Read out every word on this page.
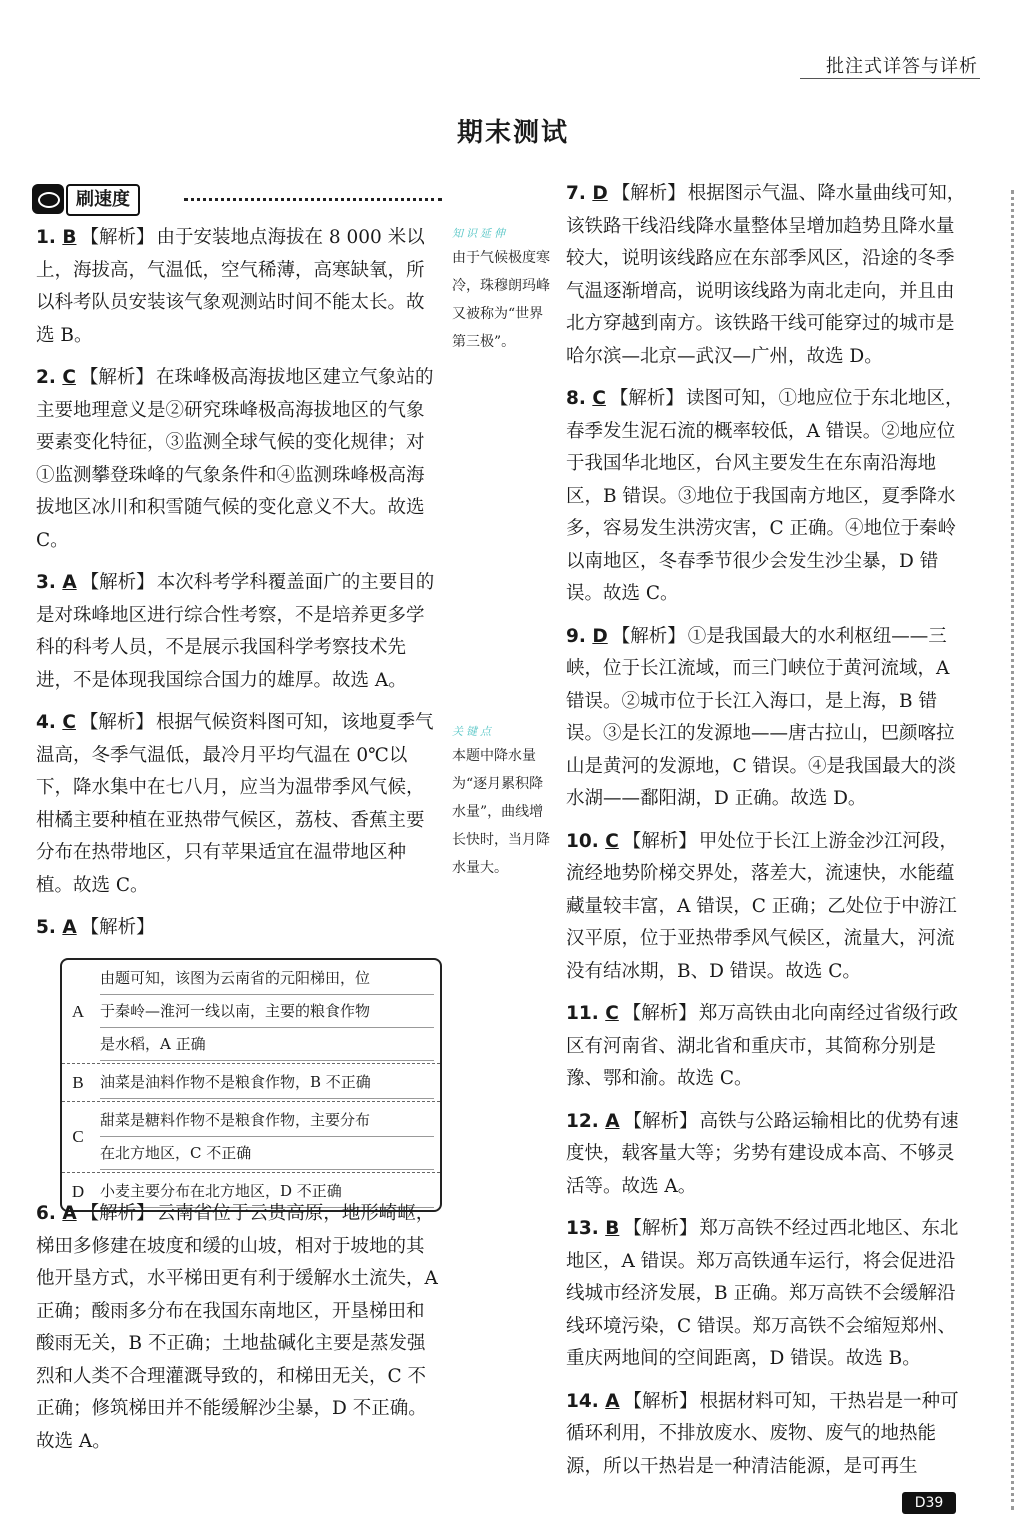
批注式详答与详析
期末测试
刷速度

1. B 【解析】 由于安装地点海拔在 8 000 米以上，海拔高，气温低，空气稀薄，高寒缺氧，所以科考队员安装该气象观测站时间不能太长。故选 B。

2. C 【解析】 在珠峰极高海拔地区建立气象站的主要地理意义是②研究珠峰极高海拔地区的气象要素变化特征，③监测全球气候的变化规律；对①监测攀登珠峰的气象条件和④监测珠峰极高海拔地区冰川和积雪随气候的变化意义不大。故选 C。

3. A 【解析】 本次科考学科覆盖面广的主要目的是对珠峰地区进行综合性考察，不是培养更多学科的科考人员，不是展示我国科学考察技术先进，不是体现我国综合国力的雄厚。故选 A。

4. C 【解析】 根据气候资料图可知，该地夏季气温高，冬季气温低，最冷月平均气温在 0℃以下，降水集中在七八月，应当为温带季风气候，柑橘主要种植在亚热带气候区，荔枝、香蕉主要分布在热带地区，只有苹果适宜在温带地区种植。故选 C。

5. A 【解析】

A
由题可知，该图为云南省的元阳梯田，位
于秦岭—淮河一线以南，主要的粮食作物
是水稻，A 正确
B	油菜是油料作物不是粮食作物，B 不正确
C
甜菜是糖料作物不是粮食作物，主要分布
在北方地区，C 不正确
D	小麦主要分布在北方地区，D 不正确

6. A 【解析】 云南省位于云贵高原，地形崎岖，梯田多修建在坡度和缓的山坡，相对于坡地的其他开垦方式，水平梯田更有利于缓解水土流失，A 正确；酸雨多分布在我国东南地区，开垦梯田和酸雨无关，B 不正确；土地盐碱化主要是蒸发强烈和人类不合理灌溉导致的，和梯田无关，C 不正确；修筑梯田并不能缓解沙尘暴，D 不正确。故选 A。

知识延伸
由于气候极度寒冷，珠穆朗玛峰又被称为“世界第三极”。
关键点
本题中降水量为“逐月累积降水量”，曲线增长快时，当月降水量大。

7. D 【解析】 根据图示气温、降水量曲线可知，该铁路干线沿线降水量整体呈增加趋势且降水量较大，说明该线路应在东部季风区，沿途的冬季气温逐渐增高，说明该线路为南北走向，并且由北方穿越到南方。该铁路干线可能穿过的城市是哈尔滨—北京—武汉—广州，故选 D。

8. C 【解析】 读图可知，①地应位于东北地区，春季发生泥石流的概率较低，A 错误。②地应位于我国华北地区，台风主要发生在东南沿海地区，B 错误。③地位于我国南方地区，夏季降水多，容易发生洪涝灾害，C 正确。④地位于秦岭以南地区，冬春季节很少会发生沙尘暴，D 错误。故选 C。

9. D 【解析】 ①是我国最大的水利枢纽——三峡，位于长江流域，而三门峡位于黄河流域，A 错误。②城市位于长江入海口，是上海，B 错误。③是长江的发源地——唐古拉山，巴颜喀拉山是黄河的发源地，C 错误。④是我国最大的淡水湖——鄱阳湖，D 正确。故选 D。

10. C 【解析】 甲处位于长江上游金沙江河段，流经地势阶梯交界处，落差大，流速快，水能蕴藏量较丰富，A 错误，C 正确；乙处位于中游江汉平原，位于亚热带季风气候区，流量大，河流没有结冰期，B、D 错误。故选 C。

11. C 【解析】 郑万高铁由北向南经过省级行政区有河南省、湖北省和重庆市，其简称分别是豫、鄂和渝。故选 C。

12. A 【解析】 高铁与公路运输相比的优势有速度快，载客量大等；劣势有建设成本高、不够灵活等。故选 A。

13. B 【解析】 郑万高铁不经过西北地区、东北地区，A 错误。郑万高铁通车运行，将会促进沿线城市经济发展，B 正确。郑万高铁不会缓解沿线环境污染，C 错误。郑万高铁不会缩短郑州、重庆两地间的空间距离，D 错误。故选 B。

14. A 【解析】 根据材料可知，干热岩是一种可循环利用，不排放废水、废物、废气的地热能源，所以干热岩是一种清洁能源，是可再生

D39
